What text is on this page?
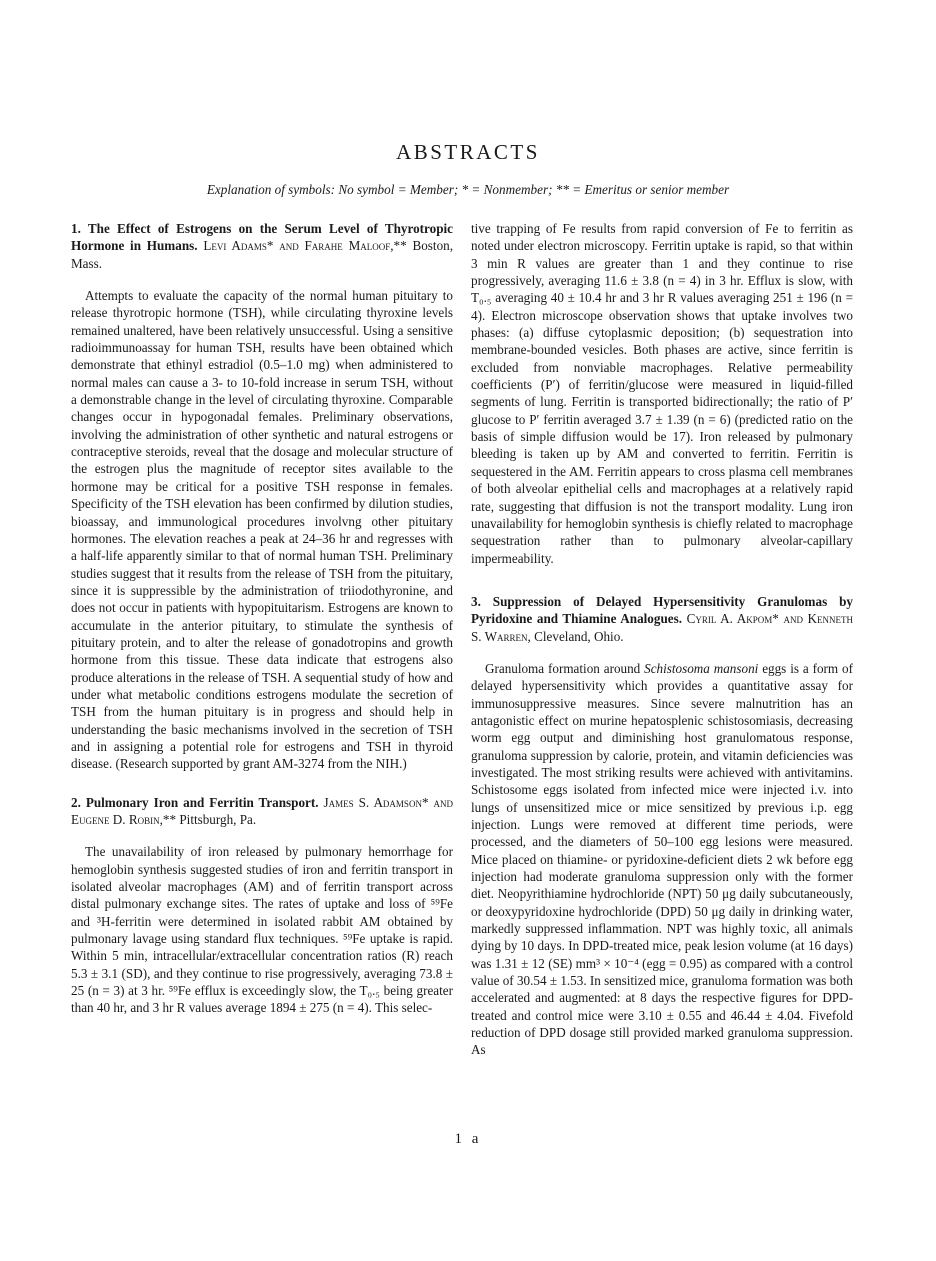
ABSTRACTS
Explanation of symbols: No symbol = Member; * = Nonmember; ** = Emeritus or senior member

1. The Effect of Estrogens on the Serum Level of Thyrotropic Hormone in Humans. Levi Adams* and Farahe Maloof,** Boston, Mass.

Attempts to evaluate the capacity of the normal human pituitary to release thyrotropic hormone (TSH), while circulating thyroxine levels remained unaltered, have been relatively unsuccessful. Using a sensitive radioimmunoassay for human TSH, results have been obtained which demonstrate that ethinyl estradiol (0.5–1.0 mg) when administered to normal males can cause a 3- to 10-fold increase in serum TSH, without a demonstrable change in the level of circulating thyroxine. Comparable changes occur in hypogonadal females. Preliminary observations, involving the administration of other synthetic and natural estrogens or contraceptive steroids, reveal that the dosage and molecular structure of the estrogen plus the magnitude of receptor sites available to the hormone may be critical for a positive TSH response in females. Specificity of the TSH elevation has been confirmed by dilution studies, bioassay, and immunological procedures involvng other pituitary hormones. The elevation reaches a peak at 24–36 hr and regresses with a half-life apparently similar to that of normal human TSH. Preliminary studies suggest that it results from the release of TSH from the pituitary, since it is suppressible by the administration of triiodothyronine, and does not occur in patients with hypopituitarism. Estrogens are known to accumulate in the anterior pituitary, to stimulate the synthesis of pituitary protein, and to alter the release of gonadotropins and growth hormone from this tissue. These data indicate that estrogens also produce alterations in the release of TSH. A sequential study of how and under what metabolic conditions estrogens modulate the secretion of TSH from the human pituitary is in progress and should help in understanding the basic mechanisms involved in the secretion of TSH and in assigning a potential role for estrogens and TSH in thyroid disease. (Research supported by grant AM-3274 from the NIH.)

2. Pulmonary Iron and Ferritin Transport. James S. Adamson* and Eugene D. Robin,** Pittsburgh, Pa.

The unavailability of iron released by pulmonary hemorrhage for hemoglobin synthesis suggested studies of iron and ferritin transport in isolated alveolar macrophages (AM) and of ferritin transport across distal pulmonary exchange sites. The rates of uptake and loss of ⁵⁹Fe and ³H-ferritin were determined in isolated rabbit AM obtained by pulmonary lavage using standard flux techniques. ⁵⁹Fe uptake is rapid. Within 5 min, intracellular/extracellular concentration ratios (R) reach 5.3 ± 3.1 (SD), and they continue to rise progressively, averaging 73.8 ± 25 (n = 3) at 3 hr. ⁵⁹Fe efflux is exceedingly slow, the T₀.₅ being greater than 40 hr, and 3 hr R values average 1894 ± 275 (n = 4). This selec-

tive trapping of Fe results from rapid conversion of Fe to ferritin as noted under electron microscopy. Ferritin uptake is rapid, so that within 3 min R values are greater than 1 and they continue to rise progressively, averaging 11.6 ± 3.8 (n = 4) in 3 hr. Efflux is slow, with T₀.₅ averaging 40 ± 10.4 hr and 3 hr R values averaging 251 ± 196 (n = 4). Electron microscope observation shows that uptake involves two phases: (a) diffuse cytoplasmic deposition; (b) sequestration into membrane-bounded vesicles. Both phases are active, since ferritin is excluded from nonviable macrophages. Relative permeability coefficients (P′) of ferritin/glucose were measured in liquid-filled segments of lung. Ferritin is transported bidirectionally; the ratio of P′ glucose to P′ ferritin averaged 3.7 ± 1.39 (n = 6) (predicted ratio on the basis of simple diffusion would be 17). Iron released by pulmonary bleeding is taken up by AM and converted to ferritin. Ferritin is sequestered in the AM. Ferritin appears to cross plasma cell membranes of both alveolar epithelial cells and macrophages at a relatively rapid rate, suggesting that diffusion is not the transport modality. Lung iron unavailability for hemoglobin synthesis is chiefly related to macrophage sequestration rather than to pulmonary alveolar-capillary impermeability.

3. Suppression of Delayed Hypersensitivity Granulomas by Pyridoxine and Thiamine Analogues. Cyril A. Akpom* and Kenneth S. Warren, Cleveland, Ohio.

Granuloma formation around Schistosoma mansoni eggs is a form of delayed hypersensitivity which provides a quantitative assay for immunosuppressive measures. Since severe malnutrition has an antagonistic effect on murine hepatosplenic schistosomiasis, decreasing worm egg output and diminishing host granulomatous response, granuloma suppression by calorie, protein, and vitamin deficiencies was investigated. The most striking results were achieved with antivitamins. Schistosome eggs isolated from infected mice were injected i.v. into lungs of unsensitized mice or mice sensitized by previous i.p. egg injection. Lungs were removed at different time periods, were processed, and the diameters of 50–100 egg lesions were measured. Mice placed on thiamine- or pyridoxine-deficient diets 2 wk before egg injection had moderate granuloma suppression only with the former diet. Neopyrithiamine hydrochloride (NPT) 50 μg daily subcutaneously, or deoxypyridoxine hydrochloride (DPD) 50 μg daily in drinking water, markedly suppressed inflammation. NPT was highly toxic, all animals dying by 10 days. In DPD-treated mice, peak lesion volume (at 16 days) was 1.31 ± 12 (SE) mm³ × 10⁻⁴ (egg = 0.95) as compared with a control value of 30.54 ± 1.53. In sensitized mice, granuloma formation was both accelerated and augmented: at 8 days the respective figures for DPD-treated and control mice were 3.10 ± 0.55 and 46.44 ± 4.04. Fivefold reduction of DPD dosage still provided marked granuloma suppression. As

1 a
